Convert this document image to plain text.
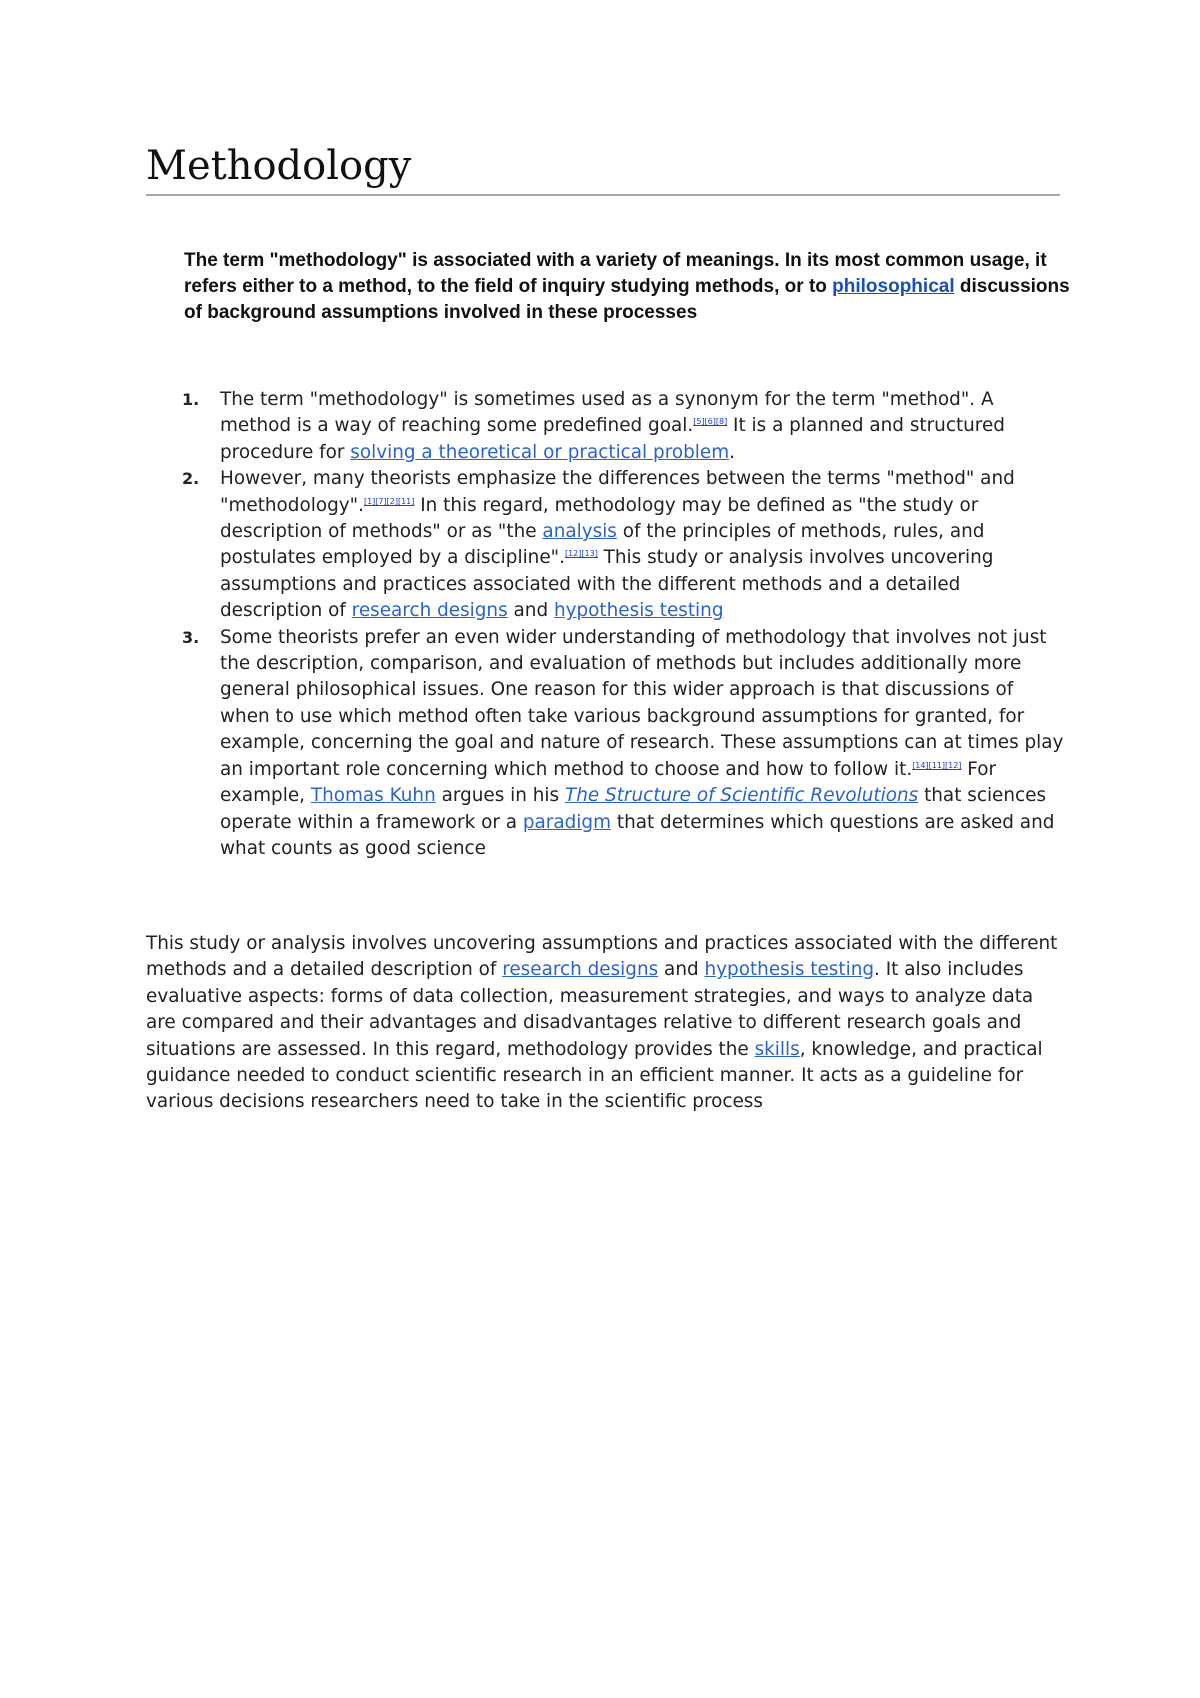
Methodology

The term "methodology" is associated with a variety of meanings. In its most common usage, it refers either to a method, to the field of inquiry studying methods, or to philosophical discussions of background assumptions involved in these processes

1. The term "methodology" is sometimes used as a synonym for the term "method". A method is a way of reaching some predefined goal.[5][6][8] It is a planned and structured procedure for solving a theoretical or practical problem.
2. However, many theorists emphasize the differences between the terms "method" and "methodology".[1][7][2][11] In this regard, methodology may be defined as "the study or description of methods" or as "the analysis of the principles of methods, rules, and postulates employed by a discipline".[12][13] This study or analysis involves uncovering assumptions and practices associated with the different methods and a detailed description of research designs and hypothesis testing
3. Some theorists prefer an even wider understanding of methodology that involves not just the description, comparison, and evaluation of methods but includes additionally more general philosophical issues. One reason for this wider approach is that discussions of when to use which method often take various background assumptions for granted, for example, concerning the goal and nature of research. These assumptions can at times play an important role concerning which method to choose and how to follow it.[14][11][12] For example, Thomas Kuhn argues in his The Structure of Scientific Revolutions that sciences operate within a framework or a paradigm that determines which questions are asked and what counts as good science

This study or analysis involves uncovering assumptions and practices associated with the different methods and a detailed description of research designs and hypothesis testing. It also includes evaluative aspects: forms of data collection, measurement strategies, and ways to analyze data are compared and their advantages and disadvantages relative to different research goals and situations are assessed. In this regard, methodology provides the skills, knowledge, and practical guidance needed to conduct scientific research in an efficient manner. It acts as a guideline for various decisions researchers need to take in the scientific process
